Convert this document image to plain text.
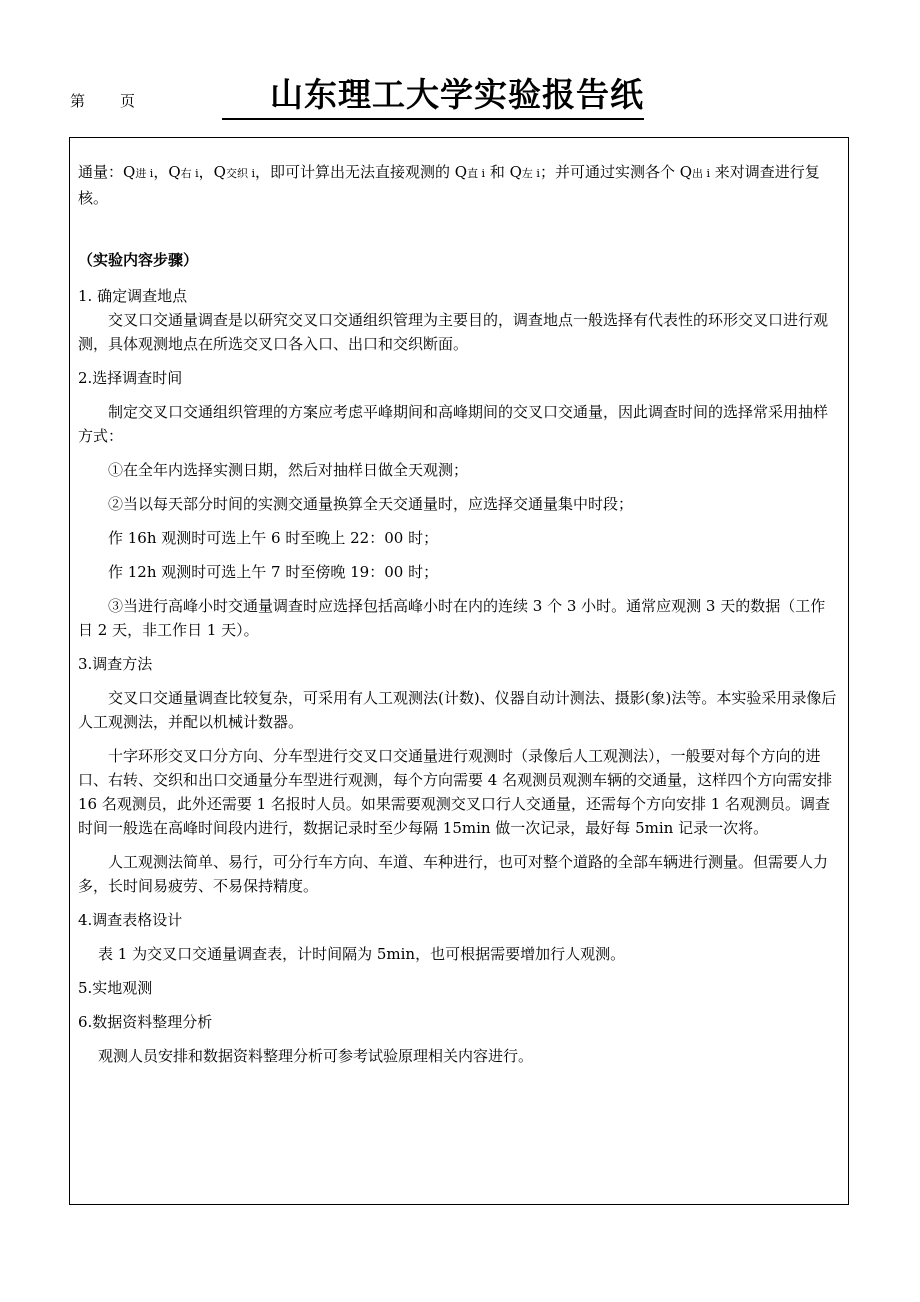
第 页	山东理工大学实验报告纸

通量：Q进 i，Q右 i，Q交织 i，即可计算出无法直接观测的 Q直 i 和 Q左 i；并可通过实测各个 Q出 i 来对调查进行复核。

（实验内容步骤）

1. 确定调查地点

交叉口交通量调查是以研究交叉口交通组织管理为主要目的，调查地点一般选择有代表性的环形交叉口进行观测，具体观测地点在所选交叉口各入口、出口和交织断面。

2.选择调查时间

制定交叉口交通组织管理的方案应考虑平峰期间和高峰期间的交叉口交通量，因此调查时间的选择常采用抽样方式：

①在全年内选择实测日期，然后对抽样日做全天观测；

②当以每天部分时间的实测交通量换算全天交通量时，应选择交通量集中时段；

作 16h 观测时可选上午 6 时至晚上 22：00 时；

作 12h 观测时可选上午 7 时至傍晚 19：00 时；

③当进行高峰小时交通量调查时应选择包括高峰小时在内的连续 3 个 3 小时。通常应观测 3 天的数据（工作日 2 天，非工作日 1 天）。

3.调查方法

交叉口交通量调查比较复杂，可采用有人工观测法(计数)、仪器自动计测法、摄影(象)法等。本实验采用录像后人工观测法，并配以机械计数器。

十字环形交叉口分方向、分车型进行交叉口交通量进行观测时（录像后人工观测法），一般要对每个方向的进口、右转、交织和出口交通量分车型进行观测，每个方向需要 4 名观测员观测车辆的交通量，这样四个方向需安排 16 名观测员，此外还需要 1 名报时人员。如果需要观测交叉口行人交通量，还需每个方向安排 1 名观测员。调查时间一般选在高峰时间段内进行，数据记录时至少每隔 15min 做一次记录，最好每 5min 记录一次将。

人工观测法简单、易行，可分行车方向、车道、车种进行，也可对整个道路的全部车辆进行测量。但需要人力多，长时间易疲劳、不易保持精度。

4.调查表格设计

表 1 为交叉口交通量调查表，计时间隔为 5min，也可根据需要增加行人观测。

5.实地观测

6.数据资料整理分析

观测人员安排和数据资料整理分析可参考试验原理相关内容进行。
